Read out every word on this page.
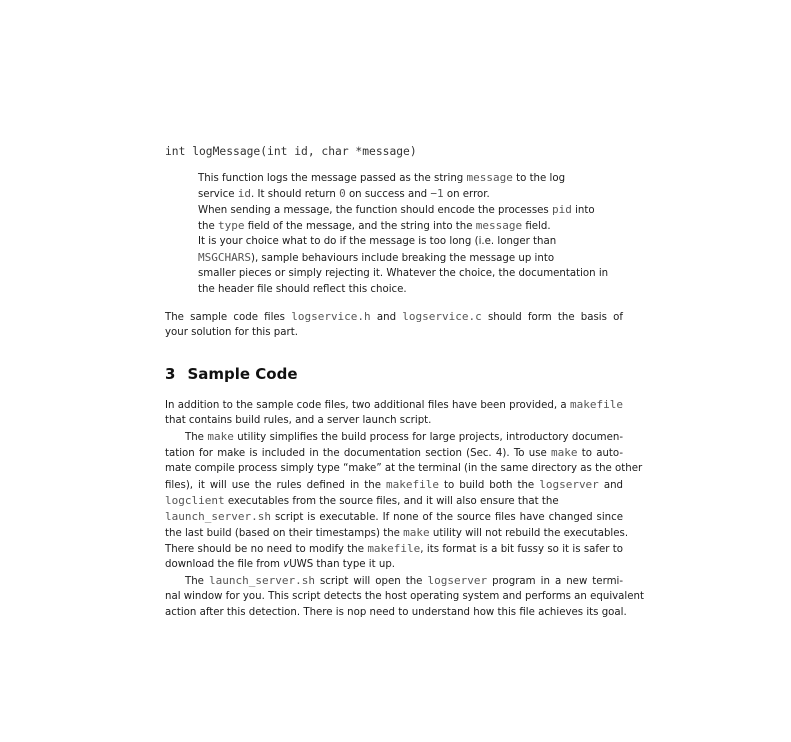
int logMessage(int id, char *message)
This function logs the message passed as the string message to the log
service id. It should return 0 on success and −1 on error.
When sending a message, the function should encode the processes pid into
the type field of the message, and the string into the message field.
It is your choice what to do if the message is too long (i.e. longer than
MSGCHARS), sample behaviours include breaking the message up into
smaller pieces or simply rejecting it. Whatever the choice, the documentation in
the header file should reflect this choice.
The sample code files logservice.h and logservice.c should form the basis of
your solution for this part.
3 Sample Code
In addition to the sample code files, two additional files have been provided, a makefile
that contains build rules, and a server launch script.
The make utility simplifies the build process for large projects, introductory documen-
tation for make is included in the documentation section (Sec. 4). To use make to auto-
mate compile process simply type “make” at the terminal (in the same directory as the other
files), it will use the rules defined in the makefile to build both the logserver and
logclient executables from the source files, and it will also ensure that the
launch_server.sh script is executable. If none of the source files have changed since
the last build (based on their timestamps) the make utility will not rebuild the executables.
There should be no need to modify the makefile, its format is a bit fussy so it is safer to
download the file from vUWS than type it up.
The launch_server.sh script will open the logserver program in a new termi-
nal window for you. This script detects the host operating system and performs an equivalent
action after this detection. There is nop need to understand how this file achieves its goal.
